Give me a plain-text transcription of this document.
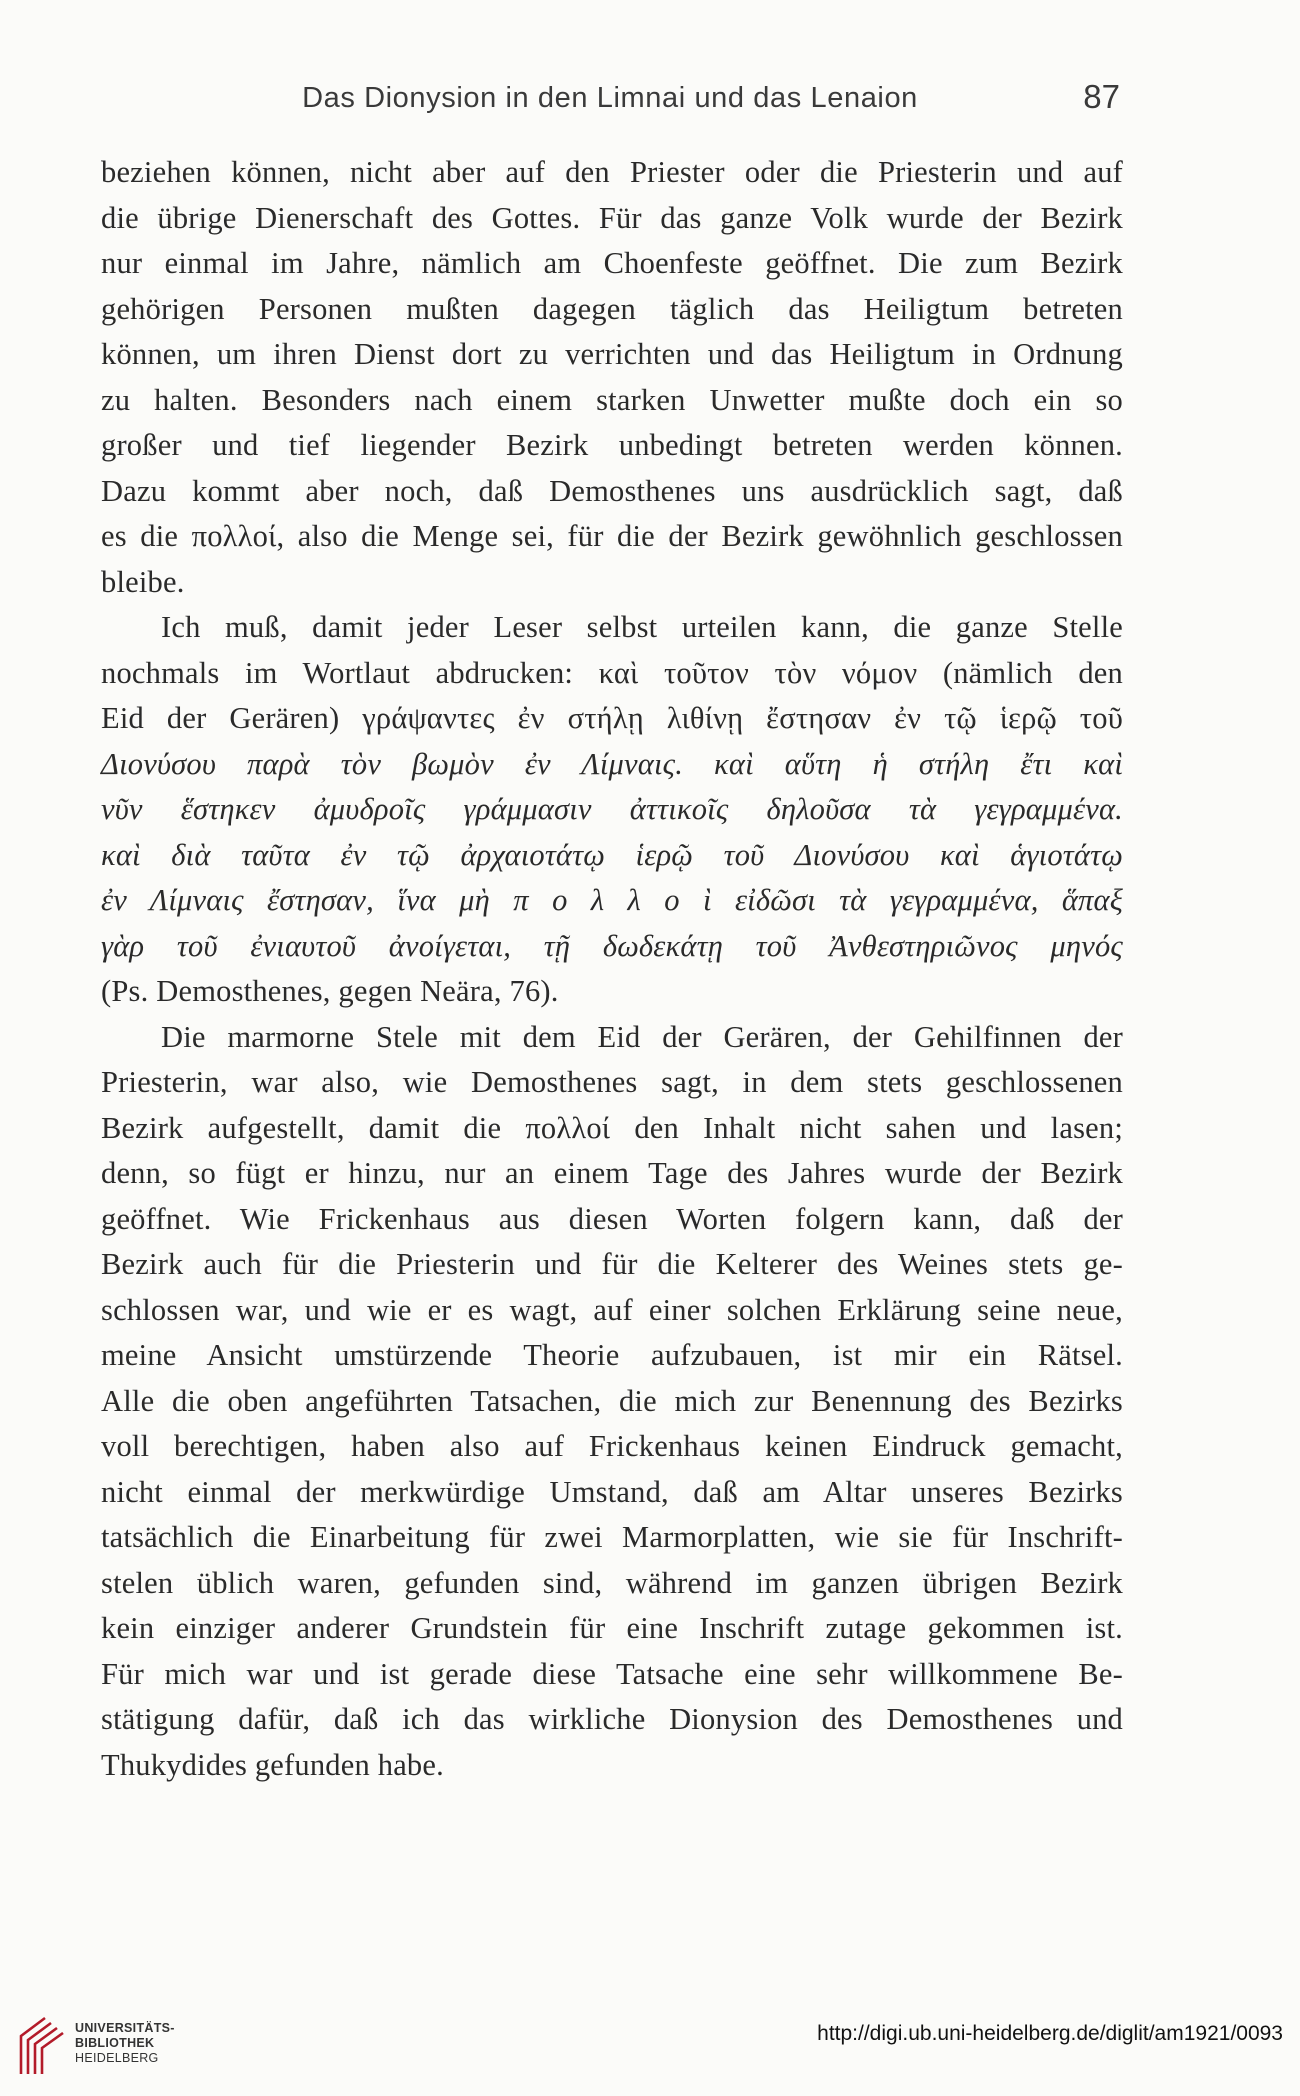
Das Dionysion in den Limnai und das Lenaion	87
beziehen können, nicht aber auf den Priester oder die Priesterin und auf
die übrige Dienerschaft des Gottes. Für das ganze Volk wurde der Bezirk
nur einmal im Jahre, nämlich am Choenfeste geöffnet. Die zum Bezirk
gehörigen Personen mußten dagegen täglich das Heiligtum betreten
können, um ihren Dienst dort zu verrichten und das Heiligtum in Ordnung
zu halten. Besonders nach einem starken Unwetter mußte doch ein so
großer und tief liegender Bezirk unbedingt betreten werden können.
Dazu kommt aber noch, daß Demosthenes uns ausdrücklich sagt, daß
es die πολλοί, also die Menge sei, für die der Bezirk gewöhnlich geschlossen
bleibe.
Ich muß, damit jeder Leser selbst urteilen kann, die ganze Stelle
nochmals im Wortlaut abdrucken: καὶ τοῦτον τὸν νόμον (nämlich den
Eid der Gerären) γράψαντες ἐν στήλῃ λιθίνῃ ἔστησαν ἐν τῷ ἱερῷ τοῦ
Διονύσου παρὰ τὸν βωμὸν ἐν Λίμναις. καὶ αὕτη ἡ στήλη ἔτι καὶ
νῦν ἕστηκεν ἀμυδροῖς γράμμασιν ἀττικοῖς δηλοῦσα τὰ γεγραμμένα.
καὶ διὰ ταῦτα ἐν τῷ ἀρχαιοτάτῳ ἱερῷ τοῦ Διονύσου καὶ ἁγιοτάτῳ
ἐν Λίμναις ἔστησαν, ἵνα μὴ π ο λ λ ο ὶ εἰδῶσι τὰ γεγραμμένα, ἅπαξ
γὰρ τοῦ ἐνιαυτοῦ ἀνοίγεται, τῇ δωδεκάτῃ τοῦ Ἀνθεστηριῶνος μηνός
(Ps. Demosthenes, gegen Neära, 76).
Die marmorne Stele mit dem Eid der Gerären, der Gehilfinnen der
Priesterin, war also, wie Demosthenes sagt, in dem stets geschlossenen
Bezirk aufgestellt, damit die πολλοί den Inhalt nicht sahen und lasen;
denn, so fügt er hinzu, nur an einem Tage des Jahres wurde der Bezirk
geöffnet. Wie Frickenhaus aus diesen Worten folgern kann, daß der
Bezirk auch für die Priesterin und für die Kelterer des Weines stets ge-
schlossen war, und wie er es wagt, auf einer solchen Erklärung seine neue,
meine Ansicht umstürzende Theorie aufzubauen, ist mir ein Rätsel.
Alle die oben angeführten Tatsachen, die mich zur Benennung des Bezirks
voll berechtigen, haben also auf Frickenhaus keinen Eindruck gemacht,
nicht einmal der merkwürdige Umstand, daß am Altar unseres Bezirks
tatsächlich die Einarbeitung für zwei Marmorplatten, wie sie für Inschrift-
stelen üblich waren, gefunden sind, während im ganzen übrigen Bezirk
kein einziger anderer Grundstein für eine Inschrift zutage gekommen ist.
Für mich war und ist gerade diese Tatsache eine sehr willkommene Be-
stätigung dafür, daß ich das wirkliche Dionysion des Demosthenes und
Thukydides gefunden habe.
UNIVERSITÄTS-
BIBLIOTHEK
HEIDELBERG
http://digi.ub.uni-heidelberg.de/diglit/am1921/0093
